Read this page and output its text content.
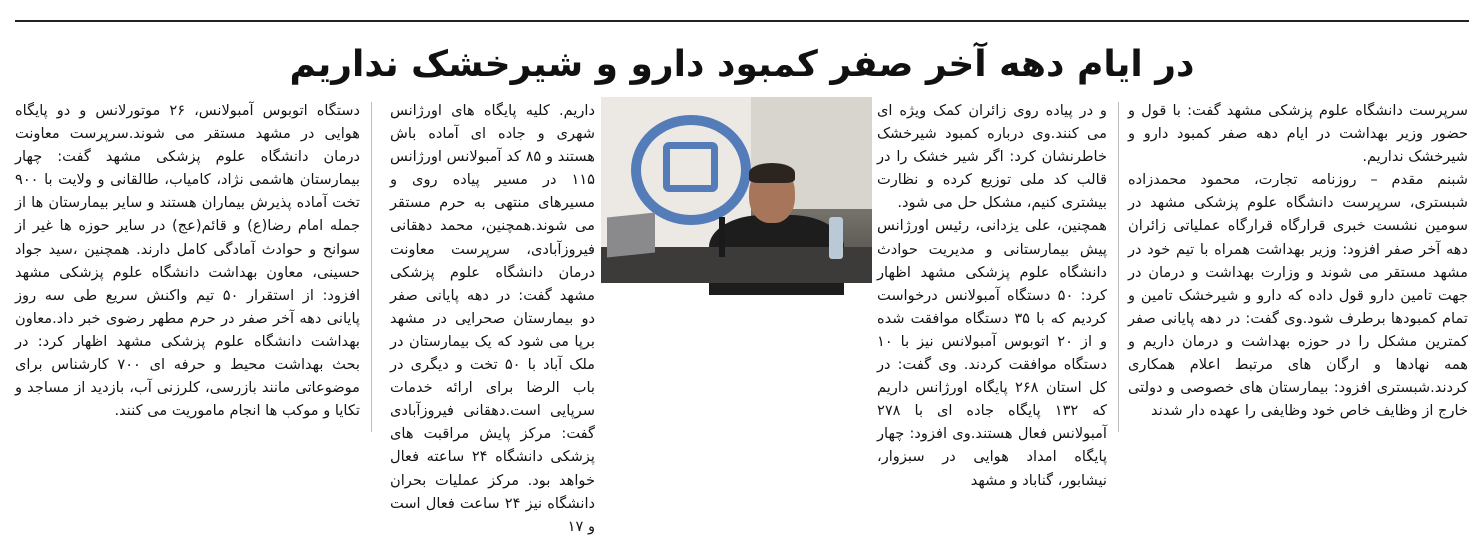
در ایام دهه آخر صفر کمبود دارو و شیرخشک نداریم

سرپرست دانشگاه علوم پزشکی مشهد گفت: با قول و حضور وزیر بهداشت در ایام دهه صفر کمبود دارو و شیرخشک نداریم.

شبنم مقدم – روزنامه تجارت، محمود محمدزاده شبستری، سرپرست دانشگاه علوم پزشکی مشهد در سومین نشست خبری قرارگاه قرارگاه عملیاتی زائران دهه آخر صفر افزود: وزیر بهداشت همراه با تیم خود در مشهد مستقر می شوند و وزارت بهداشت و درمان در جهت تامین دارو قول داده که دارو و شیرخشک تامین و تمام کمبودها برطرف شود.وی گفت: در دهه پایانی صفر کمترین مشکل را در حوزه بهداشت و درمان داریم و همه نهادها و ارگان های مرتبط اعلام همکاری کردند.شبستری افزود: بیمارستان های خصوصی و دولتی خارج از وظایف خاص خود وظایفی را عهده دار شدند

و در پیاده روی زائران کمک ویژه ای می کنند.وی درباره کمبود شیرخشک خاطرنشان کرد: اگر شیر خشک را در قالب کد ملی توزیع کرده و نظارت بیشتری کنیم، مشکل حل می شود.

همچنین، علی یزدانی، رئیس اورژانس پیش بیمارستانی و مدیریت حوادث دانشگاه علوم پزشکی مشهد اظهار کرد: ۵۰ دستگاه آمبولانس درخواست کردیم که با ۳۵ دستگاه موافقت شده و از ۲۰ اتوبوس آمبولانس نیز با ۱۰ دستگاه موافقت کردند. وی گفت: در کل استان ۲۶۸ پایگاه اورژانس داریم که ۱۳۲ پایگاه جاده ای با ۲۷۸ آمبولانس فعال هستند.وی افزود: چهار پایگاه امداد هوایی در سبزوار، نیشابور، گناباد و مشهد

داریم. کلیه پایگاه های اورژانس شهری و جاده ای آماده باش هستند و ۸۵ کد آمبولانس اورژانس ۱۱۵ در مسیر پیاده روی و مسیرهای منتهی به حرم مستقر می شوند.همچنین، محمد دهقانی فیروزآبادی، سرپرست معاونت درمان دانشگاه علوم پزشکی مشهد گفت: در دهه پایانی صفر دو بیمارستان صحرایی در مشهد برپا می شود که یک بیمارستان در ملک آباد با ۵۰ تخت و دیگری در باب الرضا برای ارائه خدمات سرپایی است.دهقانی فیروزآبادی گفت: مرکز پایش مراقبت های پزشکی دانشگاه ۲۴ ساعته فعال خواهد بود. مرکز عملیات بحران دانشگاه نیز ۲۴ ساعت فعال است و ۱۷

دستگاه اتوبوس آمبولانس، ۲۶ موتورلانس و دو پایگاه هوایی در مشهد مستقر می شوند.سرپرست معاونت درمان دانشگاه علوم پزشکی مشهد گفت: چهار بیمارستان هاشمی نژاد، کامیاب، طالقانی و ولایت با ۹۰۰ تخت آماده پذیرش بیماران هستند و سایر بیمارستان ها از جمله امام رضا(ع) و قائم(عج) در سایر حوزه ها غیر از سوانح و حوادث آمادگی کامل دارند. همچنین ،سید جواد حسینی، معاون بهداشت دانشگاه علوم پزشکی مشهد افزود: از استقرار ۵۰ تیم واکنش سریع طی سه روز پایانی دهه آخر صفر در حرم مطهر رضوی خبر داد.معاون بهداشت دانشگاه علوم پزشکی مشهد اظهار کرد: در بحث بهداشت محیط و حرفه ای ۷۰۰ کارشناس برای موضوعاتی مانند بازرسی، کلرزنی آب، بازدید از مساجد و تکایا و موکب ها انجام ماموریت می کنند.
